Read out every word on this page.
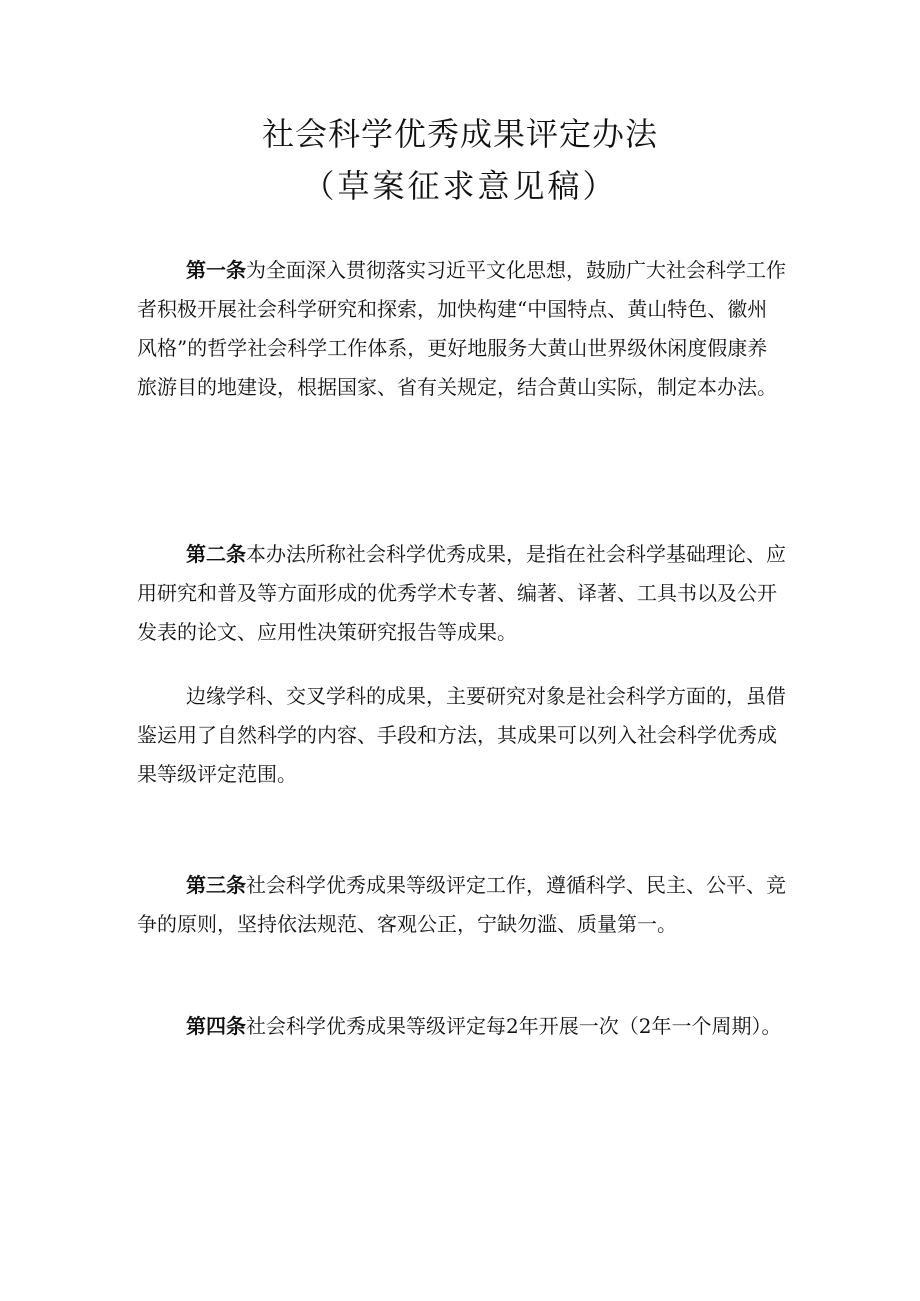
社会科学优秀成果评定办法
（草案征求意见稿）

第一条为全面深入贯彻落实习近平文化思想，鼓励广大社会科学工作者积极开展社会科学研究和探索，加快构建“中国特点、黄山特色、徽州风格”的哲学社会科学工作体系，更好地服务大黄山世界级休闲度假康养旅游目的地建设，根据国家、省有关规定，结合黄山实际，制定本办法。

第二条本办法所称社会科学优秀成果，是指在社会科学基础理论、应用研究和普及等方面形成的优秀学术专著、编著、译著、工具书以及公开发表的论文、应用性决策研究报告等成果。

边缘学科、交叉学科的成果，主要研究对象是社会科学方面的，虽借鉴运用了自然科学的内容、手段和方法，其成果可以列入社会科学优秀成果等级评定范围。

第三条社会科学优秀成果等级评定工作，遵循科学、民主、公平、竞争的原则，坚持依法规范、客观公正，宁缺勿滥、质量第一。

第四条社会科学优秀成果等级评定每2年开展一次（2年一个周期）。
